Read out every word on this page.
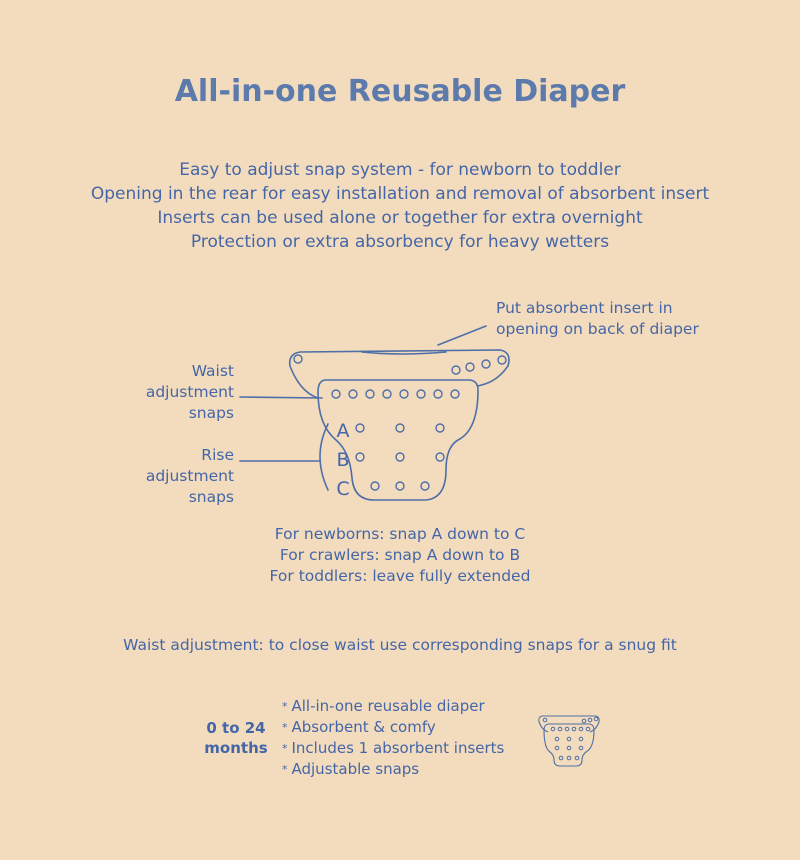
All-in-one Reusable Diaper
Easy to adjust snap system - for newborn to toddler
Opening in the rear for easy installation and removal of absorbent insert
Inserts can be used alone or together for extra overnight
Protection or extra absorbency for heavy wetters
A
B
C
Put absorbent insert in
opening on back of diaper
Waist
adjustment
snaps
Rise
adjustment
snaps
For newborns: snap A down to C
For crawlers: snap A down to B
For toddlers: leave fully extended
Waist adjustment: to close waist use corresponding snaps for a snug fit
0 to 24
months
* All-in-one reusable diaper
* Absorbent & comfy
* Includes 1 absorbent inserts
* Adjustable snaps
